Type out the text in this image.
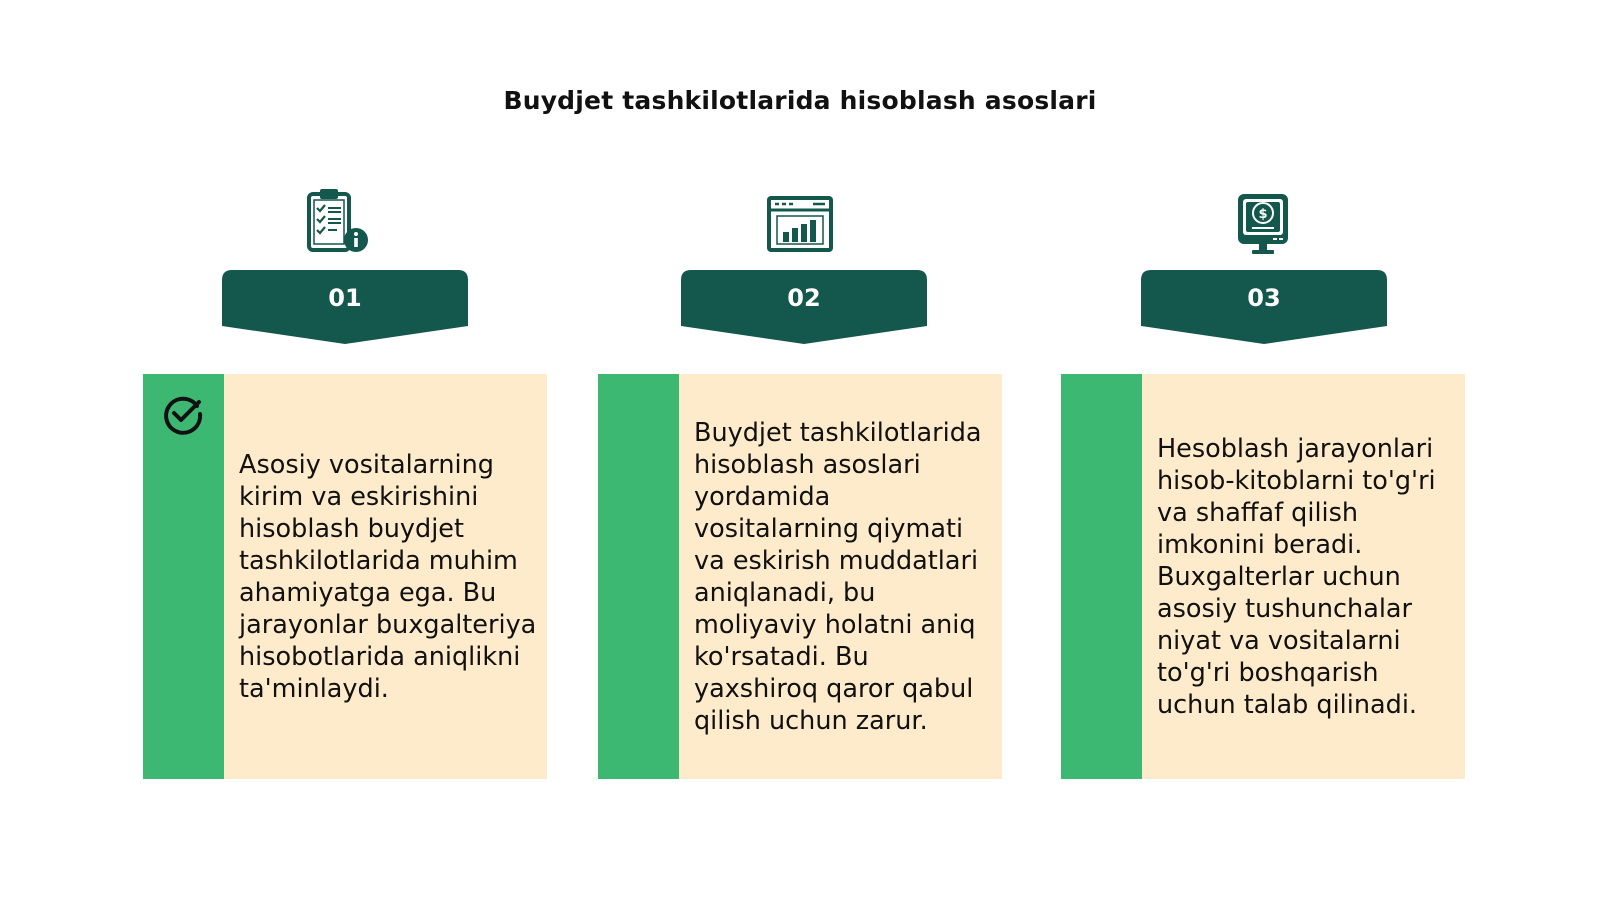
Buydjet tashkilotlarida hisoblash asoslari
01
Asosiy vositalarning kirim va eskirishini hisoblash buydjet tashkilotlarida muhim ahamiyatga ega. Bu jarayonlar buxgalteriya hisobotlarida aniqlikni ta'minlaydi.
02
Buydjet tashkilotlarida hisoblash asoslari yordamida vositalarning qiymati va eskirish muddatlari aniqlanadi, bu moliyaviy holatni aniq ko'rsatadi. Bu yaxshiroq qaror qabul qilish uchun zarur.
$
03
Hesoblash jarayonlari hisob-kitoblarni to'g'ri va shaffaf qilish imkonini beradi. Buxgalterlar uchun asosiy tushunchalar niyat va vositalarni to'g'ri boshqarish uchun talab qilinadi.
